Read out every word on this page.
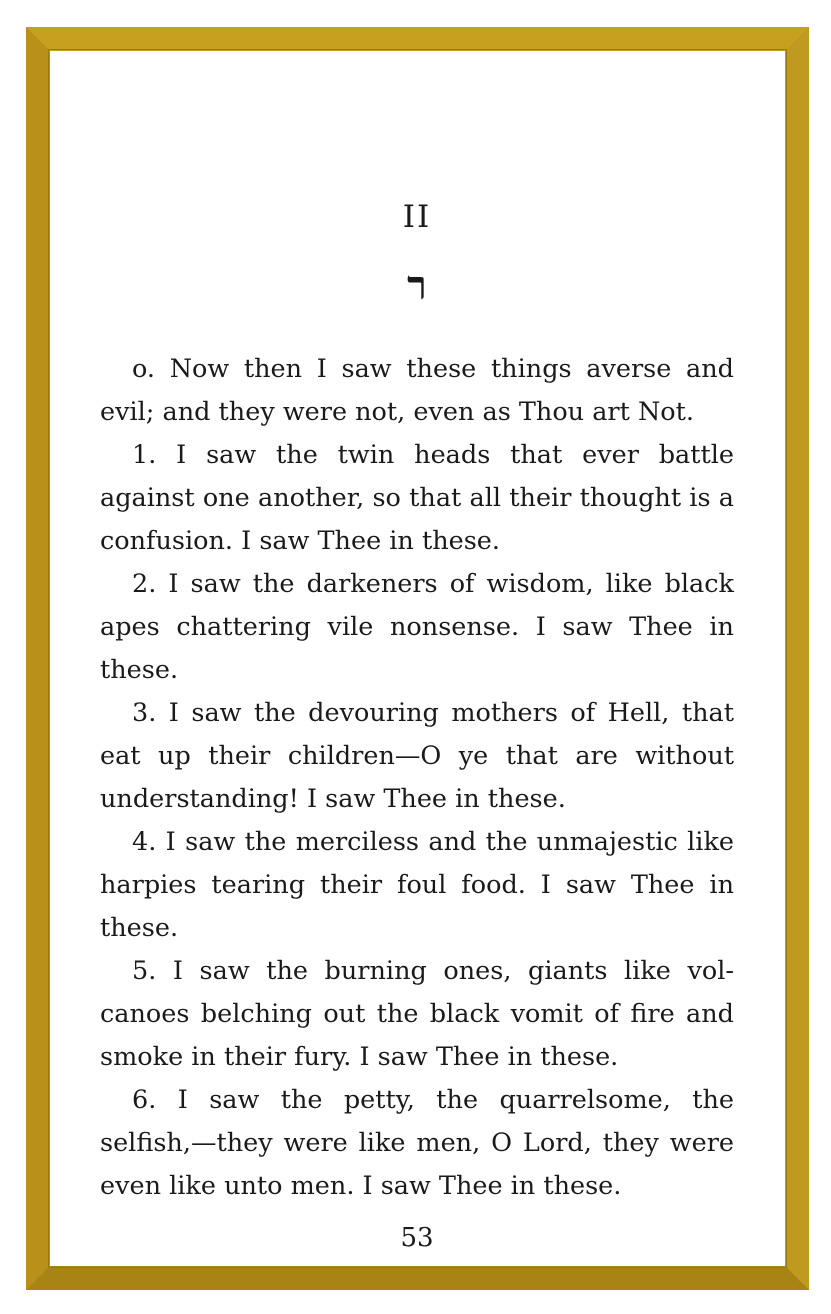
II
ר

o. Now then I saw these things averse and evil; and they were not, even as Thou art Not.

1. I saw the twin heads that ever battle against one another, so that all their thought is a confusion. I saw Thee in these.

2. I saw the darkeners of wisdom, like black apes chattering vile nonsense. I saw Thee in these.

3. I saw the devouring mothers of Hell, that eat up their children—O ye that are without understanding! I saw Thee in these.

4. I saw the merciless and the unmajestic like harpies tearing their foul food. I saw Thee in these.

5. I saw the burning ones, giants like volcanoes belching out the black vomit of fire and smoke in their fury. I saw Thee in these.

6. I saw the petty, the quarrelsome, the selfish,—they were like men, O Lord, they were even like unto men. I saw Thee in these.

53
